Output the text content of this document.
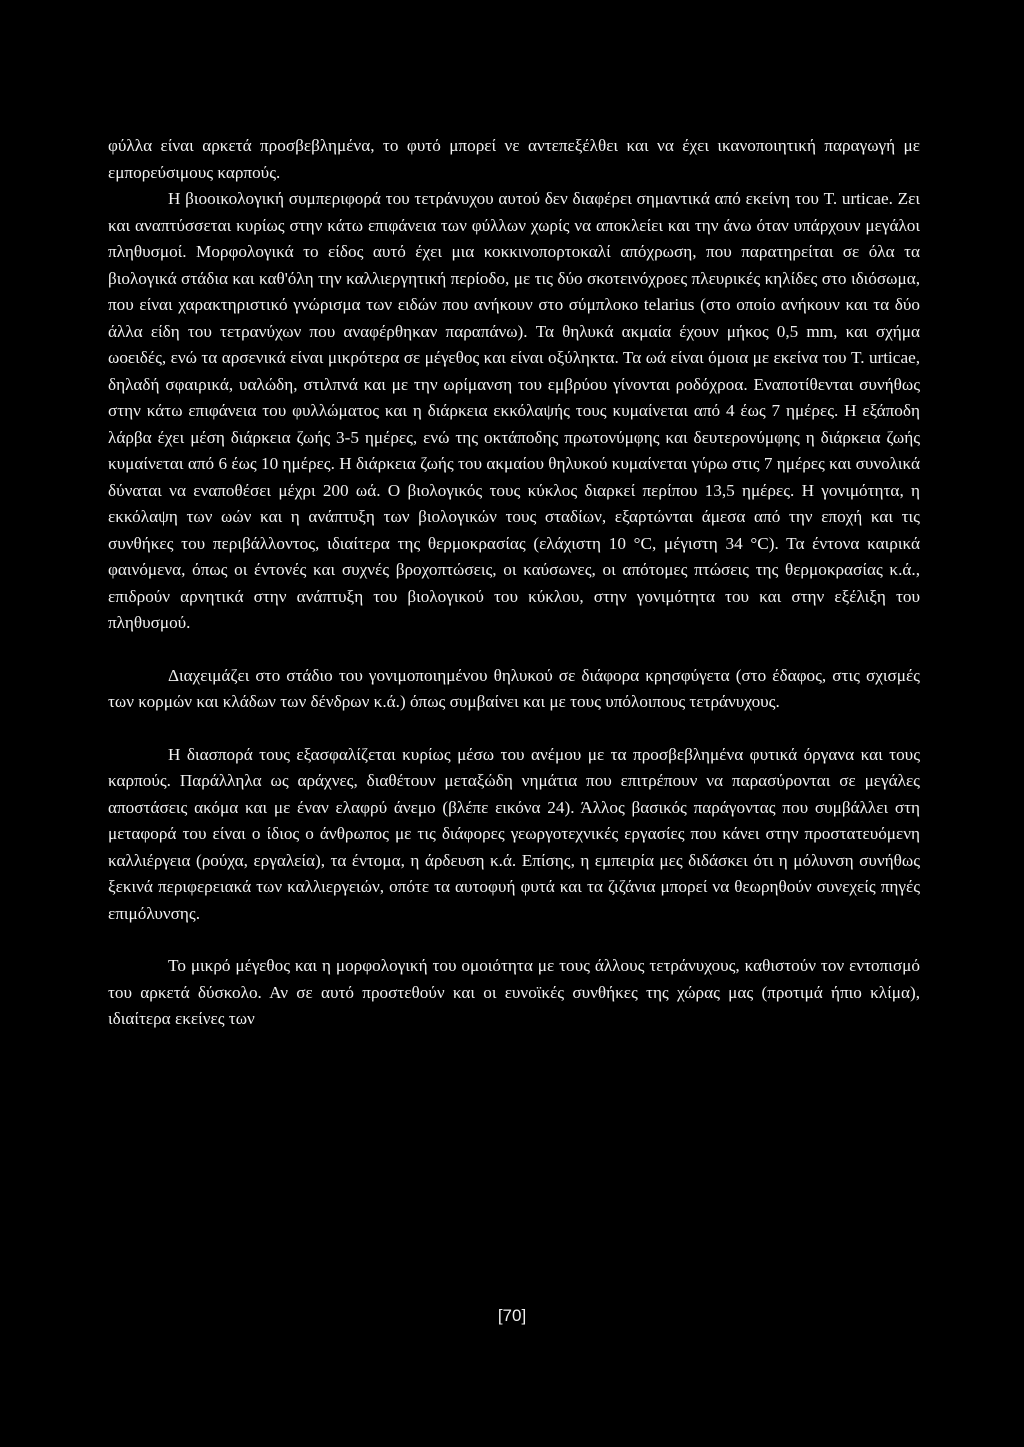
φύλλα είναι αρκετά προσβεβλημένα, το φυτό μπορεί νε αντεπεξέλθει και να έχει ικανοποιητική παραγωγή με εμπορεύσιμους καρπούς.

Η βιοοικολογική συμπεριφορά του τετράνυχου αυτού δεν διαφέρει σημαντικά από εκείνη του T. urticae. Ζει και αναπτύσσεται κυρίως στην κάτω επιφάνεια των φύλλων χωρίς να αποκλείει και την άνω όταν υπάρχουν μεγάλοι πληθυσμοί. Μορφολογικά το είδος αυτό έχει μια κοκκινοπορτοκαλί απόχρωση, που παρατηρείται σε όλα τα βιολογικά στάδια και καθ'όλη την καλλιεργητική περίοδο, με τις δύο σκοτεινόχροες πλευρικές κηλίδες στο ιδιόσωμα, που είναι χαρακτηριστικό γνώρισμα των ειδών που ανήκουν στο σύμπλοκο telarius (στο οποίο ανήκουν και τα δύο άλλα είδη του τετρανύχων που αναφέρθηκαν παραπάνω). Τα θηλυκά ακμαία έχουν μήκος 0,5 mm, και σχήμα ωοειδές, ενώ τα αρσενικά είναι μικρότερα σε μέγεθος και είναι οξύληκτα. Τα ωά είναι όμοια με εκείνα του T. urticae, δηλαδή σφαιρικά, υαλώδη, στιλπνά και με την ωρίμανση του εμβρύου γίνονται ροδόχροα. Εναποτίθενται συνήθως στην κάτω επιφάνεια του φυλλώματος και η διάρκεια εκκόλαψής τους κυμαίνεται από 4 έως 7 ημέρες. Η εξάποδη λάρβα έχει μέση διάρκεια ζωής 3-5 ημέρες, ενώ της οκτάποδης πρωτονύμφης και δευτερονύμφης η διάρκεια ζωής κυμαίνεται από 6 έως 10 ημέρες. Η διάρκεια ζωής του ακμαίου θηλυκού κυμαίνεται γύρω στις 7 ημέρες και συνολικά δύναται να εναποθέσει μέχρι 200 ωά. Ο βιολογικός τους κύκλος διαρκεί περίπου 13,5 ημέρες. Η γονιμότητα, η εκκόλαψη των ωών και η ανάπτυξη των βιολογικών τους σταδίων, εξαρτώνται άμεσα από την εποχή και τις συνθήκες του περιβάλλοντος, ιδιαίτερα της θερμοκρασίας (ελάχιστη 10 °C, μέγιστη 34 °C). Τα έντονα καιρικά φαινόμενα, όπως οι έντονές και συχνές βροχοπτώσεις, οι καύσωνες, οι απότομες πτώσεις της θερμοκρασίας κ.ά., επιδρούν αρνητικά στην ανάπτυξη του βιολογικού του κύκλου, στην γονιμότητα του και στην εξέλιξη του πληθυσμού.

Διαχειμάζει στο στάδιο του γονιμοποιημένου θηλυκού σε διάφορα κρησφύγετα (στο έδαφος, στις σχισμές των κορμών και κλάδων των δένδρων κ.ά.) όπως συμβαίνει και με τους υπόλοιπους τετράνυχους.

Η διασπορά τους εξασφαλίζεται κυρίως μέσω του ανέμου με τα προσβεβλημένα φυτικά όργανα και τους καρπούς. Παράλληλα ως αράχνες, διαθέτουν μεταξώδη νημάτια που επιτρέπουν να παρασύρονται σε μεγάλες αποστάσεις ακόμα και με έναν ελαφρύ άνεμο (βλέπε εικόνα 24). Άλλος βασικός παράγοντας που συμβάλλει στη μεταφορά του είναι ο ίδιος ο άνθρωπος με τις διάφορες γεωργοτεχνικές εργασίες που κάνει στην προστατευόμενη καλλιέργεια (ρούχα, εργαλεία), τα έντομα, η άρδευση κ.ά. Επίσης, η εμπειρία μες διδάσκει ότι η μόλυνση συνήθως ξεκινά περιφερειακά των καλλιεργειών, οπότε τα αυτοφυή φυτά και τα ζιζάνια μπορεί να θεωρηθούν συνεχείς πηγές επιμόλυνσης.

Το μικρό μέγεθος και η μορφολογική του ομοιότητα με τους άλλους τετράνυχους, καθιστούν τον εντοπισμό του αρκετά δύσκολο. Αν σε αυτό προστεθούν και οι ευνοϊκές συνθήκες της χώρας μας (προτιμά ήπιο κλίμα), ιδιαίτερα εκείνες των

[70]
